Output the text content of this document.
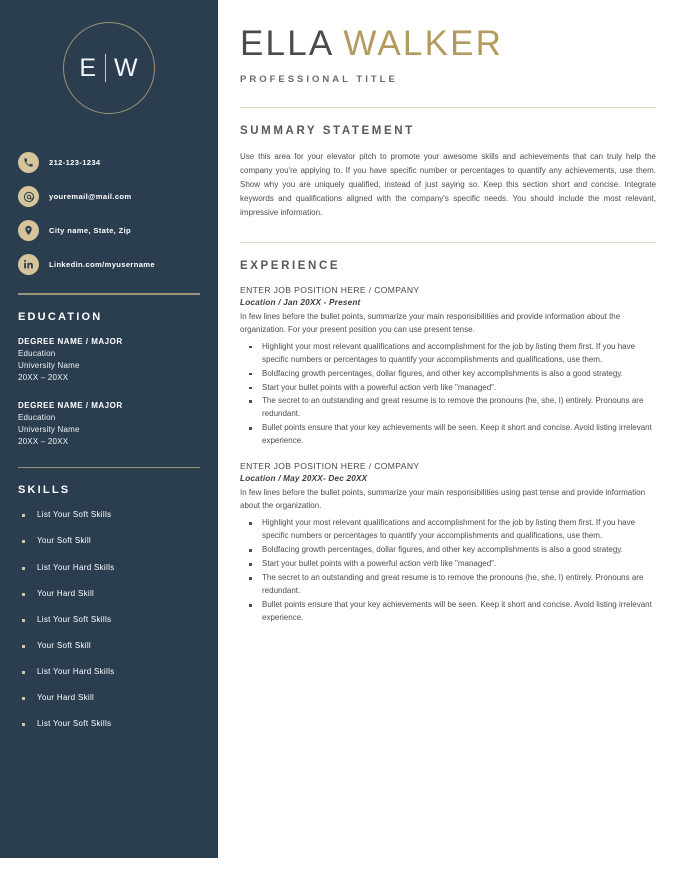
E W
212-123-1234
youremail@mail.com
City name, State, Zip
Linkedin.com/myusername
EDUCATION
DEGREE NAME / MAJOR
Education
University Name
20XX – 20XX
DEGREE NAME / MAJOR
Education
University Name
20XX – 20XX
SKILLS
List Your Soft Skills
Your Soft Skill
List Your Hard Skills
Your Hard Skill
List Your Soft Skills
Your Soft Skill
List Your Hard Skills
Your Hard Skill
List Your Soft Skills
ELLA WALKER
PROFESSIONAL TITLE
SUMMARY STATEMENT
Use this area for your elevator pitch to promote your awesome skills and achievements that can truly help the company you're applying to. If you have specific number or percentages to quantify any achievements, use them. Show why you are uniquely qualified, instead of just saying so. Keep this section short and concise. Integrate keywords and qualifications aligned with the company's specific needs. You should include the most relevant, impressive information.
EXPERIENCE
ENTER JOB POSITION HERE / COMPANY
Location / Jan 20XX - Present
In few lines before the bullet points, summarize your main responsibilities and provide information about the organization. For your present position you can use present tense.
Highlight your most relevant qualifications and accomplishment for the job by listing them first. If you have specific numbers or percentages to quantify your accomplishments and qualifications, use them.
Boldfacing growth percentages, dollar figures, and other key accomplishments is also a good strategy.
Start your bullet points with a powerful action verb like "managed".
The secret to an outstanding and great resume is to remove the pronouns (he, she, I) entirely. Pronouns are redundant.
Bullet points ensure that your key achievements will be seen. Keep it short and concise. Avoid listing irrelevant experience.
ENTER JOB POSITION HERE / COMPANY
Location / May 20XX- Dec 20XX
In few lines before the bullet points, summarize your main responsibilities using past tense and provide information about the organization.
Highlight your most relevant qualifications and accomplishment for the job by listing them first. If you have specific numbers or percentages to quantify your accomplishments and qualifications, use them.
Boldfacing growth percentages, dollar figures, and other key accomplishments is also a good strategy.
Start your bullet points with a powerful action verb like "managed".
The secret to an outstanding and great resume is to remove the pronouns (he, she, I) entirely. Pronouns are redundant.
Bullet points ensure that your key achievements will be seen. Keep it short and concise. Avoid listing irrelevant experience.
